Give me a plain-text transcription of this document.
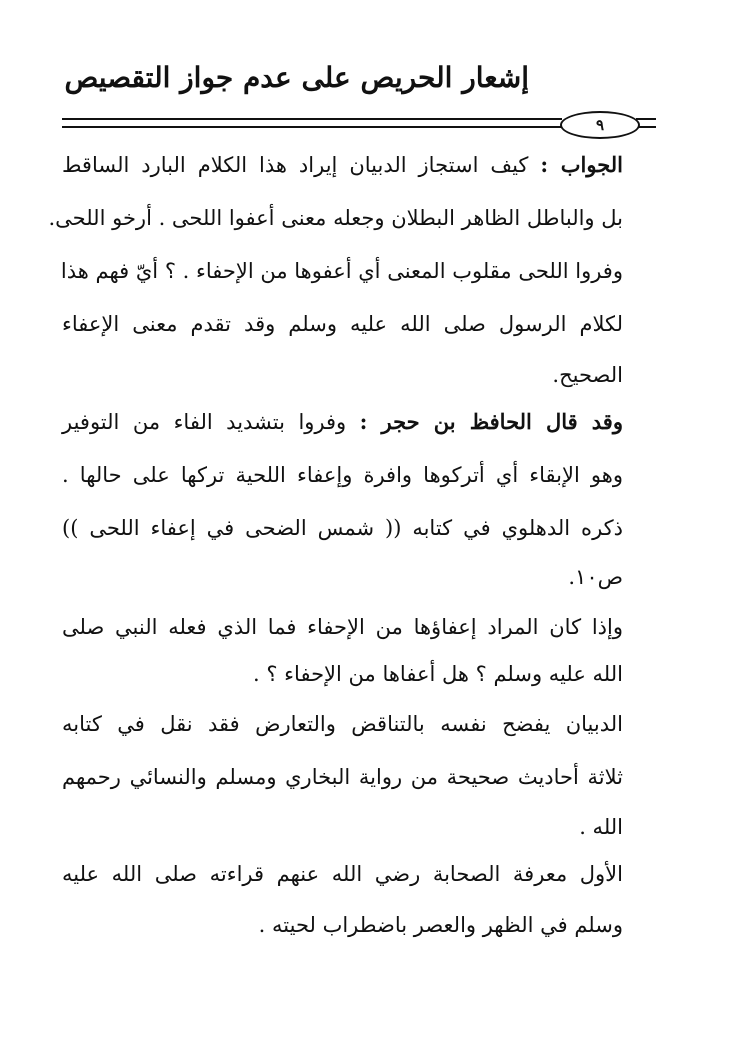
إشعار الحريص على عدم جواز التقصيص
٩
الجواب : كيف استجاز الدبيان إيراد هذا الكلام البارد الساقط
بل والباطل الظاهر البطلان وجعله معنى أعفوا اللحى . أرخو اللحى.
وفروا اللحى مقلوب المعنى أي أعفوها من الإحفاء . ؟ أيّ فهم هذا
لكلام الرسول صلى الله عليه وسلم وقد تقدم معنى الإعفاء
الصحيح.
وقد قال الحافظ بن حجر : وفروا بتشديد الفاء من التوفير
وهو الإبقاء أي أتركوها وافرة وإعفاء اللحية تركها على حالها .
ذكره الدهلوي في كتابه (( شمس الضحى في إعفاء اللحى ))
ص١٠.
وإذا كان المراد إعفاؤها من الإحفاء فما الذي فعله النبي صلى
الله عليه وسلم ؟ هل أعفاها من الإحفاء ؟ .
الدبيان يفضح نفسه بالتناقض والتعارض فقد نقل في كتابه
ثلاثة أحاديث صحيحة من رواية البخاري ومسلم والنسائي رحمهم
الله .
الأول معرفة الصحابة رضي الله عنهم قراءته صلى الله عليه
وسلم في الظهر والعصر باضطراب لحيته .
